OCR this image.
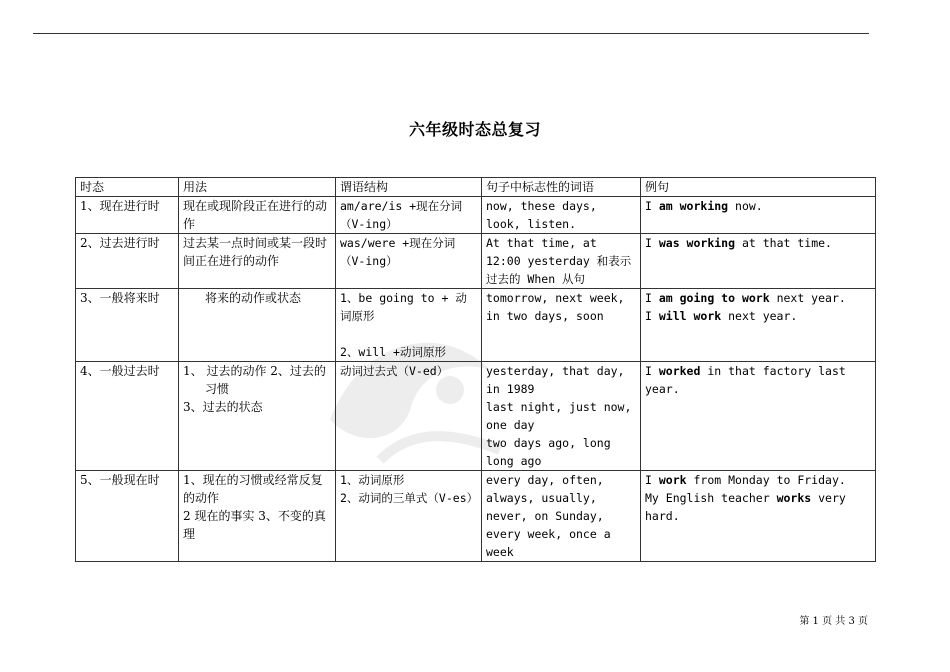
六年级时态总复习
时态	用法	谓语结构	句子中标志性的词语	例句
1、现在进行时	现在或现阶段正在进行的动作	am/are/is +现在分词（V-ing）	now, these days, look, listen.	I am working now.

2、过去进行时	过去某一点时间或某一段时间正在进行的动作	was/were +现在分词（V-ing）	At that time, at 12:00 yesterday 和表示过去的 When 从句	I was working at that time.

3、一般将来时	将来的动作或状态	1、be going to + 动词原形
2、will +动词原形	tomorrow, next week, in two days, soon	I am going to work next year.
I will work next year.

4、一般过去时	1、 过去的动作 2、过去的习惯
3、过去的状态	动词过去式（V-ed）	yesterday, that day, in 1989
last night, just now, one day
two days ago, long long ago	I worked in that factory last year.

5、一般现在时	1、现在的习惯或经常反复的动作
2 现在的事实 3、不变的真理	1、动词原形
2、动词的三单式（V-es）	every day, often, always, usually, never, on Sunday, every week, once a week	I work from Monday to Friday.
My English teacher works very hard.
第 1 页 共 3 页
